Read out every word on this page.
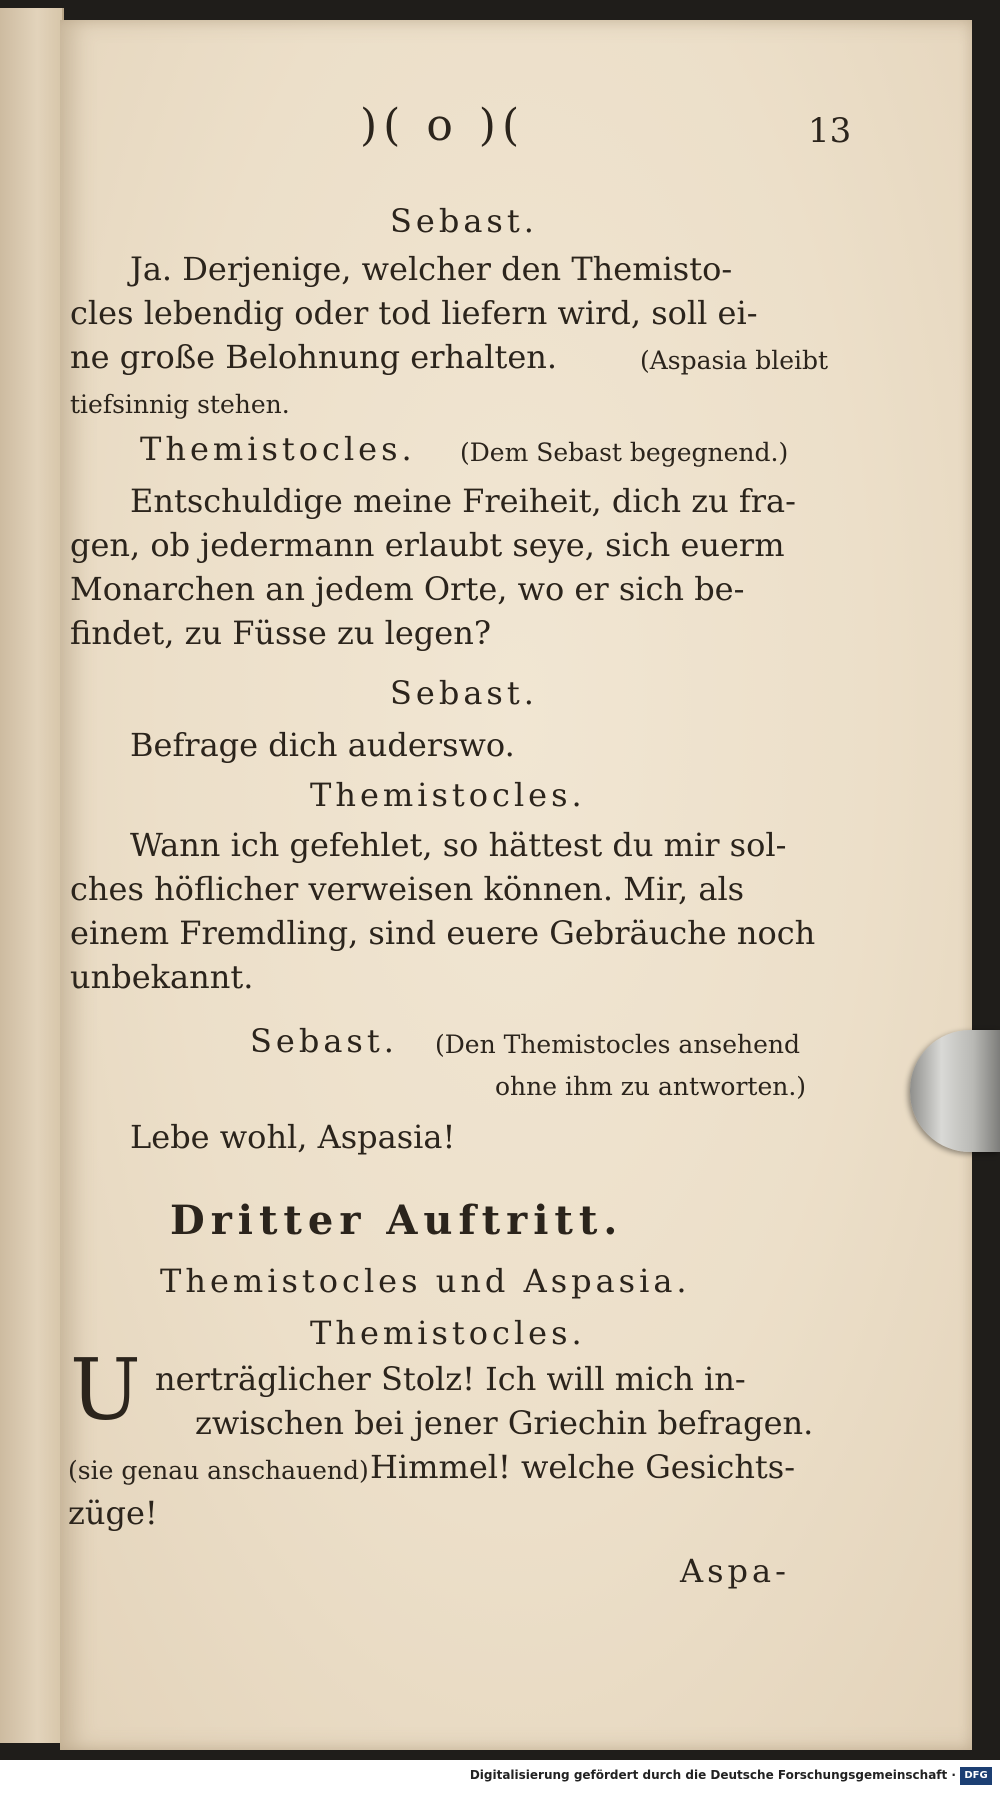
)( o )(	13
Sebast.
Ja. Derjenige, welcher den Themisto-
cles lebendig oder tod liefern wird, soll ei-
ne große Belohnung erhalten.	(Aspasia bleibt
tiefsinnig stehen.
Themistocles. (Dem Sebast begegnend.)
Entschuldige meine Freiheit, dich zu fra-
gen, ob jedermann erlaubt seye, sich euerm
Monarchen an jedem Orte, wo er sich be-
findet, zu Füsse zu legen?
Sebast.
Befrage dich auderswo.
Themistocles.
Wann ich gefehlet, so hättest du mir sol-
ches höflicher verweisen können. Mir, als
einem Fremdling, sind euere Gebräuche noch
unbekannt.
Sebast. (Den Themistocles ansehend
ohne ihm zu antworten.)
Lebe wohl, Aspasia!
Dritter Auftritt.
Themistocles und Aspasia.
Themistocles.
U nerträglicher Stolz! Ich will mich in-
zwischen bei jener Griechin befragen.
(sie genau anschauend) Himmel! welche Gesichts-
züge!
Aspa-
Digitalisierung gefördert durch die Deutsche Forschungsgemeinschaft · DFG
